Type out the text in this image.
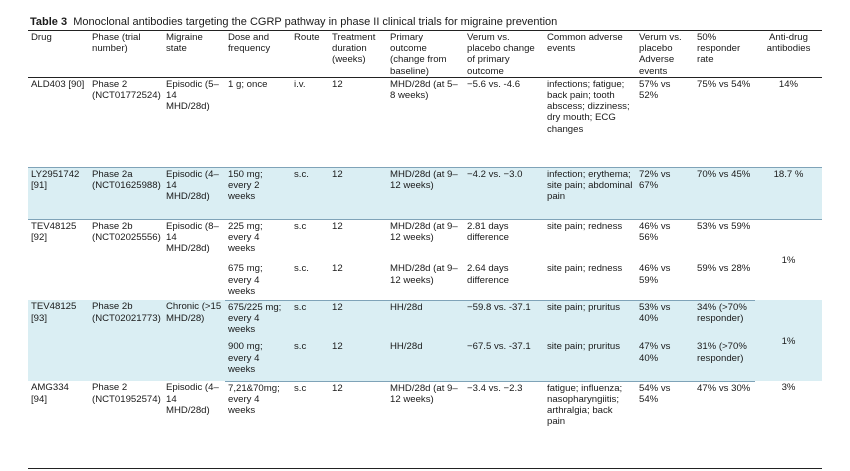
Table 3 Monoclonal antibodies targeting the CGRP pathway in phase II clinical trials for migraine prevention
Drug	Phase (trial number)	Migraine state	Dose and frequency	Route	Treatment duration (weeks)	Primary outcome (change from baseline)	Verum vs. placebo change of primary outcome	Common adverse events	Verum vs. placebo Adverse events	50% responder rate	Anti-drug antibodies
ALD403 [90]	Phase 2 (NCT01772524)	Episodic (5–14 MHD/28d)	1 g; once	i.v.	12	MHD/28d (at 5–8 weeks)	−5.6 vs. -4.6	infections; fatigue; back pain; tooth abscess; dizziness; dry mouth; ECG changes	57% vs 52%	75% vs 54%	14%
LY2951742 [91]	Phase 2a (NCT01625988)	Episodic (4–14 MHD/28d)	150 mg; every 2 weeks	s.c.	12	MHD/28d (at 9–12 weeks)	−4.2 vs. −3.0	infection; erythema; site pain; abdominal pain	72% vs 67%	70% vs 45%	18.7 %
TEV48125 [92]	Phase 2b (NCT02025556)	Episodic (8–14 MHD/28d)	225 mg; every 4 weeks	s.c	12	MHD/28d (at 9–12 weeks)	2.81 days difference	site pain; redness	46% vs 56%	53% vs 59%	1%
			675 mg; every 4 weeks	s.c.	12	MHD/28d (at 9–12 weeks)	2.64 days difference	site pain; redness	46% vs 59%	59% vs 28%	
TEV48125 [93]	Phase 2b (NCT02021773)	Chronic (>15 MHD/28)	675/225 mg; every 4 weeks	s.c	12	HH/28d	−59.8 vs. -37.1	site pain; pruritus	53% vs 40%	34% (>70% responder)	1%
			900 mg; every 4 weeks	s.c	12	HH/28d	−67.5 vs. -37.1	site pain; pruritus	47% vs 40%	31% (>70% responder)	
AMG334 [94]	Phase 2 (NCT01952574)	Episodic (4–14 MHD/28d)	7,21&70mg; every 4 weeks	s.c	12	MHD/28d (at 9–12 weeks)	−3.4 vs. −2.3	fatigue; influenza; nasopharyngiitis; arthralgia; back pain	54% vs 54%	47% vs 30%	3%
